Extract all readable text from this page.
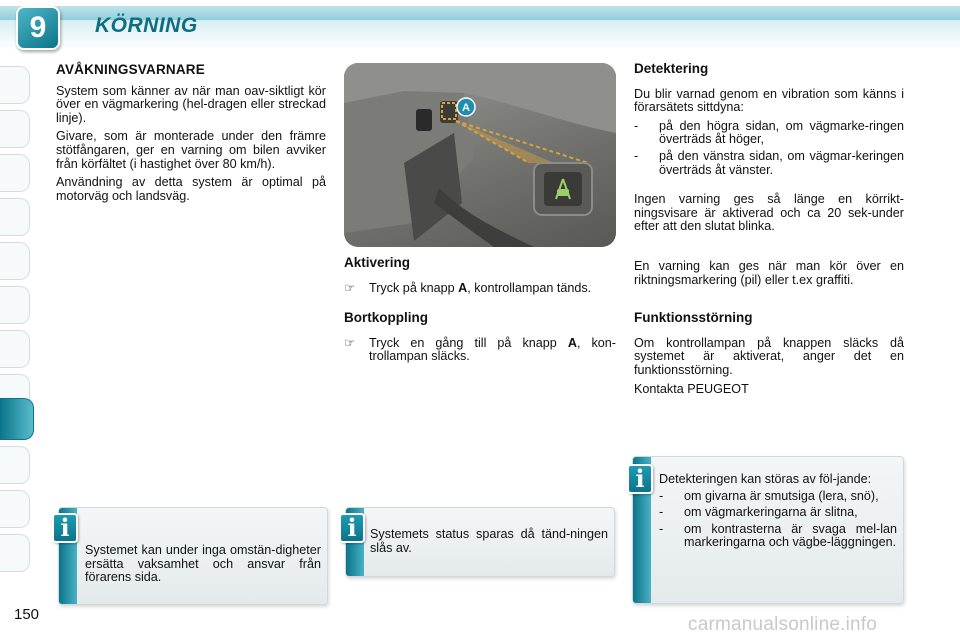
9	KÖRNING
AVÅKNINGSVARNARE

System som känner av när man oav-siktligt kör över en vägmarkering (hel-dragen eller streckad linje).

Givare, som är monterade under den främre stötfångaren, ger en varning om bilen avviker från körfältet (i hastighet över 80 km/h).

Användning av detta system är optimal på motorväg och landsväg.

A
Aktivering
☞ Tryck på knapp A, kontrollampan tänds.
Bortkoppling
☞ Tryck en gång till på knapp A, kon-trollampan släcks.
Detektering

Du blir varnad genom en vibration som känns i förarsätets sittdyna:

- på den högra sidan, om vägmarke-ringen överträds åt höger,
- på den vänstra sidan, om vägmar-keringen överträds åt vänster.

Ingen varning ges så länge en körrikt-ningsvisare är aktiverad och ca 20 sek-under efter att den slutat blinka.

En varning kan ges när man kör över en riktningsmarkering (pil) eller t.ex graffiti.

Funktionsstörning

Om kontrollampan på knappen släcks då systemet är aktiverat, anger det en funktionsstörning.

Kontakta PEUGEOT

Systemet kan under inga omstän-digheter ersätta vaksamhet och ansvar från förarens sida.
i	Systemets status sparas då tänd-ningen slås av.
i

Detekteringen kan störas av föl-jande:

- om givarna är smutsiga (lera, snö),
- om vägmarkeringarna är slitna,
- om kontrasterna är svaga mel-lan markeringarna och vägbe-läggningen.
i
150	carmanualsonline.info
